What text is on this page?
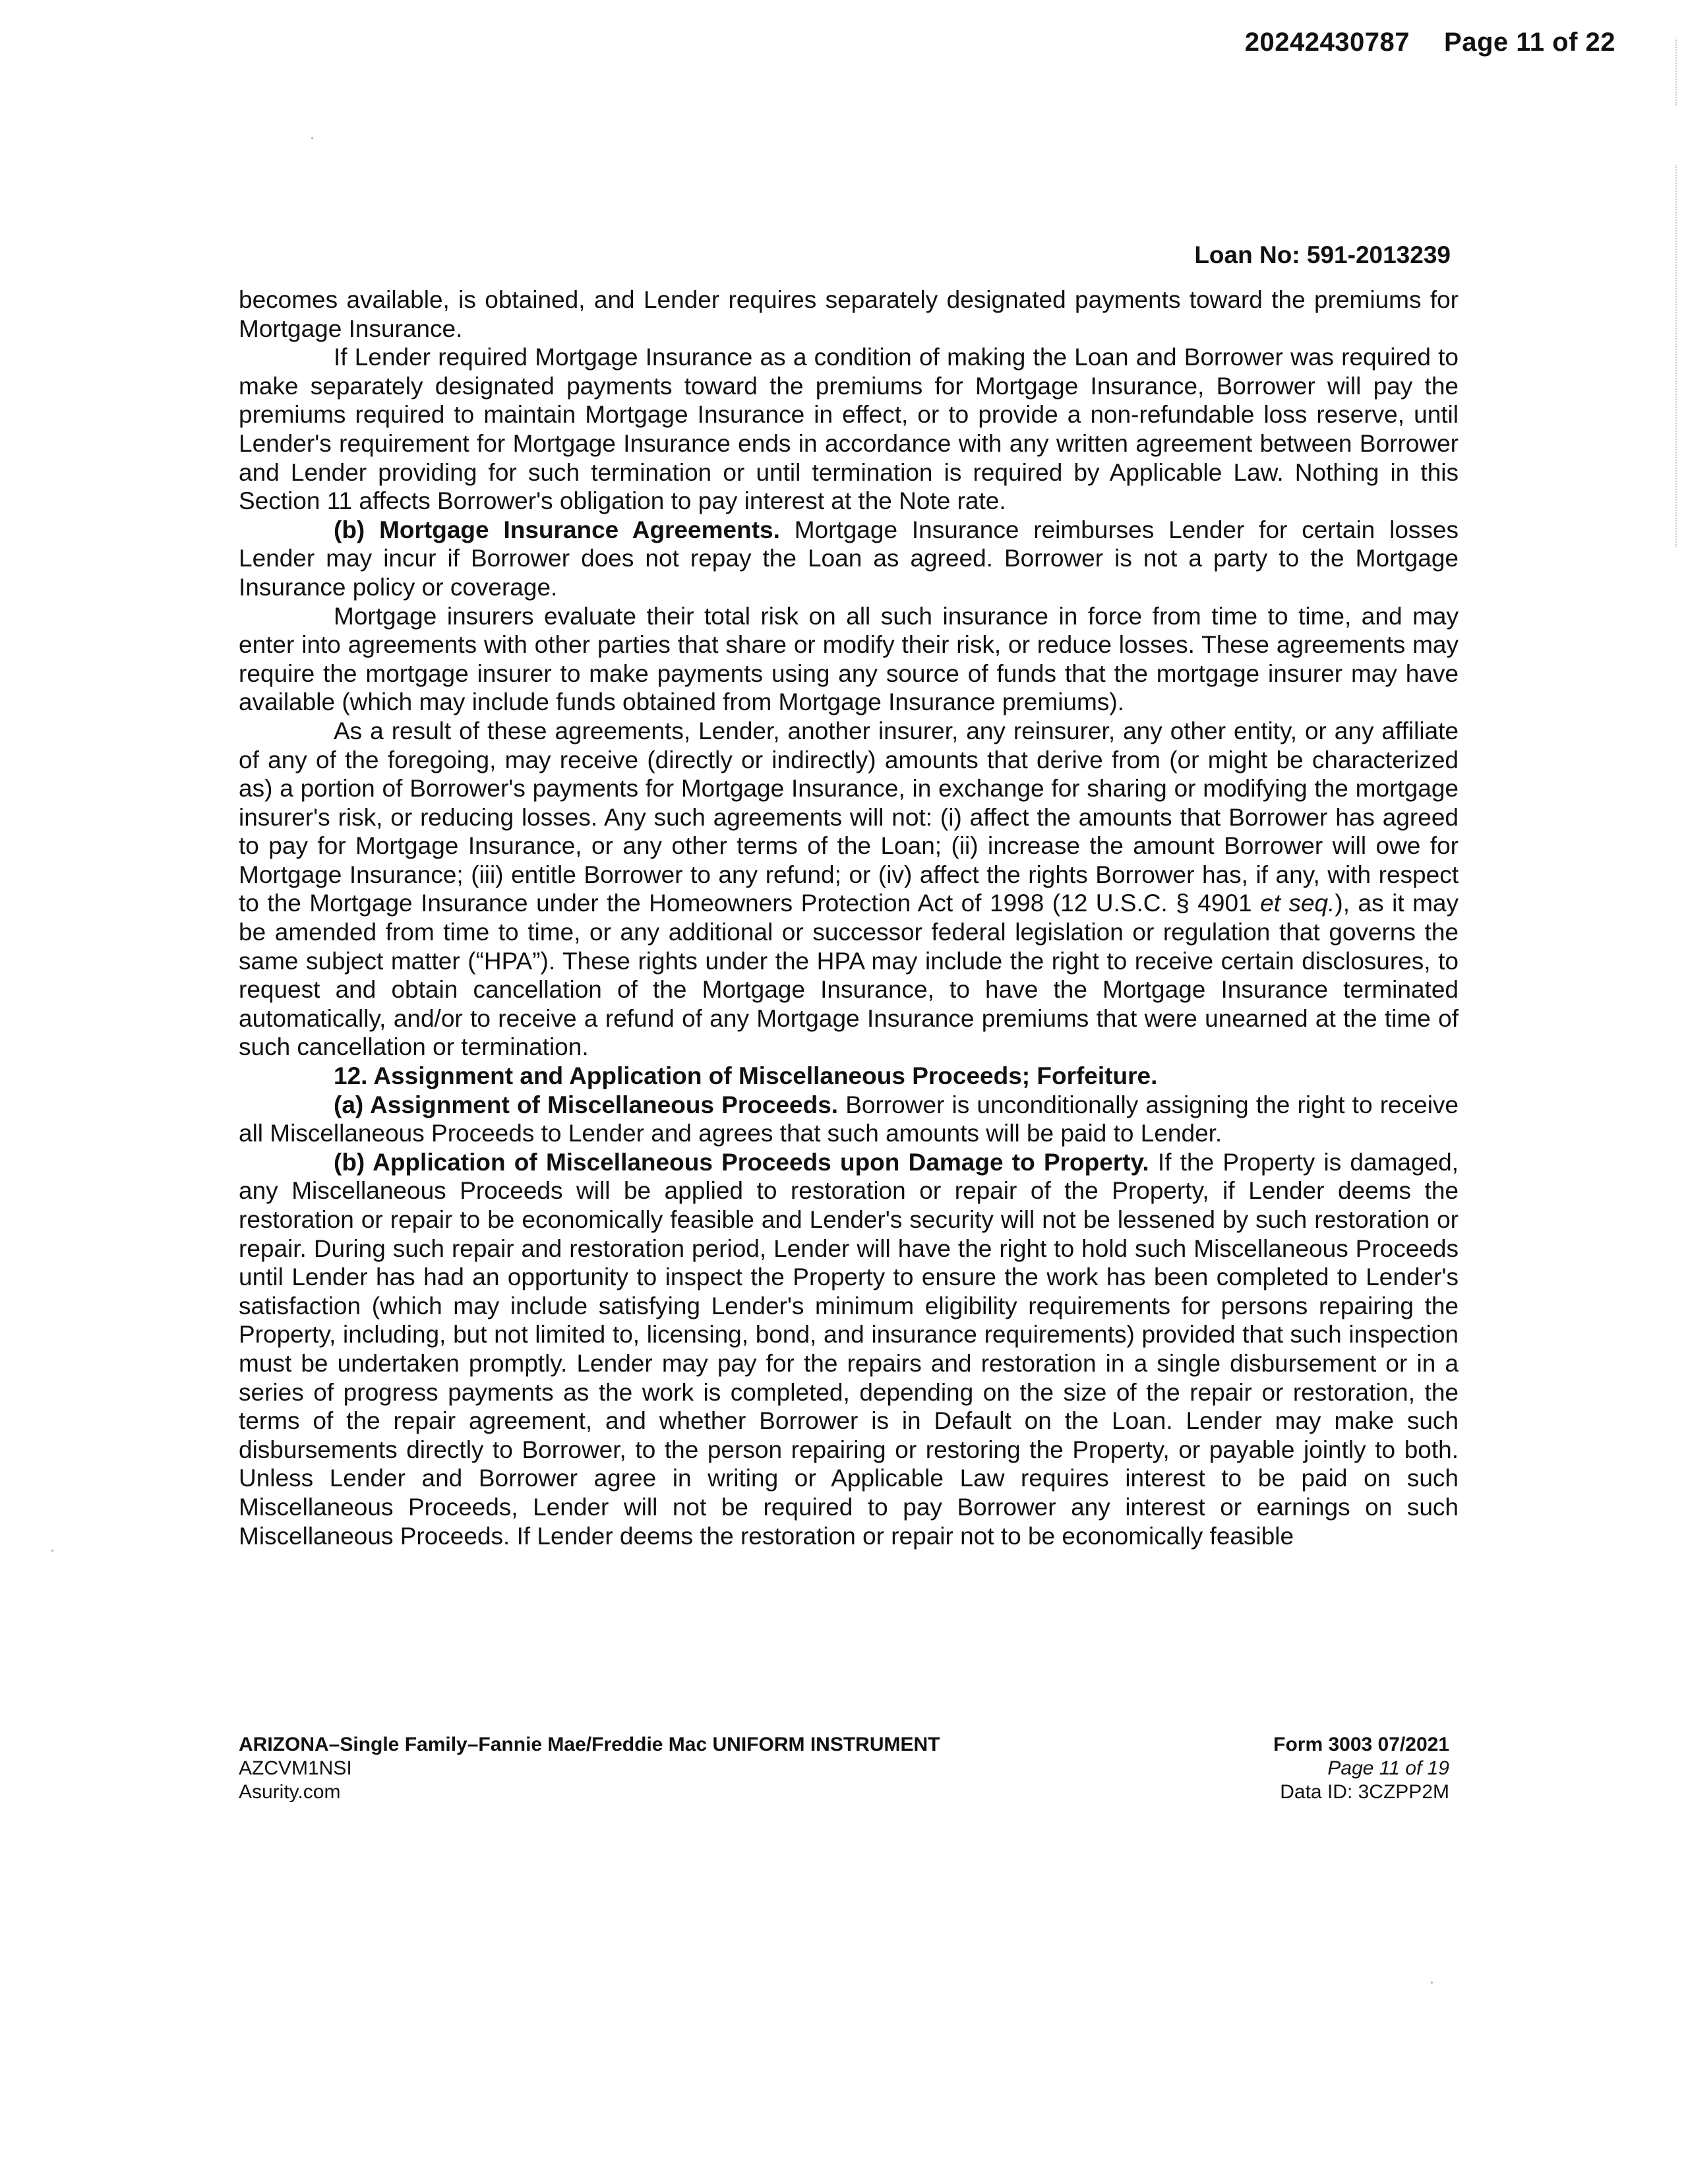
20242430787 Page 11 of 22
Loan No: 591-2013239

becomes available, is obtained, and Lender requires separately designated payments toward the premiums for Mortgage Insurance.

If Lender required Mortgage Insurance as a condition of making the Loan and Borrower was required to make separately designated payments toward the premiums for Mortgage Insurance, Borrower will pay the premiums required to maintain Mortgage Insurance in effect, or to provide a non-refundable loss reserve, until Lender's requirement for Mortgage Insurance ends in accordance with any written agreement between Borrower and Lender providing for such termination or until termination is required by Applicable Law. Nothing in this Section 11 affects Borrower's obligation to pay interest at the Note rate.

(b) Mortgage Insurance Agreements. Mortgage Insurance reimburses Lender for certain losses Lender may incur if Borrower does not repay the Loan as agreed. Borrower is not a party to the Mortgage Insurance policy or coverage.

Mortgage insurers evaluate their total risk on all such insurance in force from time to time, and may enter into agreements with other parties that share or modify their risk, or reduce losses. These agreements may require the mortgage insurer to make payments using any source of funds that the mortgage insurer may have available (which may include funds obtained from Mortgage Insurance premiums).

As a result of these agreements, Lender, another insurer, any reinsurer, any other entity, or any affiliate of any of the foregoing, may receive (directly or indirectly) amounts that derive from (or might be characterized as) a portion of Borrower's payments for Mortgage Insurance, in exchange for sharing or modifying the mortgage insurer's risk, or reducing losses. Any such agreements will not: (i) affect the amounts that Borrower has agreed to pay for Mortgage Insurance, or any other terms of the Loan; (ii) increase the amount Borrower will owe for Mortgage Insurance; (iii) entitle Borrower to any refund; or (iv) affect the rights Borrower has, if any, with respect to the Mortgage Insurance under the Homeowners Protection Act of 1998 (12 U.S.C. § 4901 et seq.), as it may be amended from time to time, or any additional or successor federal legislation or regulation that governs the same subject matter (“HPA”). These rights under the HPA may include the right to receive certain disclosures, to request and obtain cancellation of the Mortgage Insurance, to have the Mortgage Insurance terminated automatically, and/or to receive a refund of any Mortgage Insurance premiums that were unearned at the time of such cancellation or termination.

12. Assignment and Application of Miscellaneous Proceeds; Forfeiture.

(a) Assignment of Miscellaneous Proceeds. Borrower is unconditionally assigning the right to receive all Miscellaneous Proceeds to Lender and agrees that such amounts will be paid to Lender.

(b) Application of Miscellaneous Proceeds upon Damage to Property. If the Property is damaged, any Miscellaneous Proceeds will be applied to restoration or repair of the Property, if Lender deems the restoration or repair to be economically feasible and Lender's security will not be lessened by such restoration or repair. During such repair and restoration period, Lender will have the right to hold such Miscellaneous Proceeds until Lender has had an opportunity to inspect the Property to ensure the work has been completed to Lender's satisfaction (which may include satisfying Lender's minimum eligibility requirements for persons repairing the Property, including, but not limited to, licensing, bond, and insurance requirements) provided that such inspection must be undertaken promptly. Lender may pay for the repairs and restoration in a single disbursement or in a series of progress payments as the work is completed, depending on the size of the repair or restoration, the terms of the repair agreement, and whether Borrower is in Default on the Loan. Lender may make such disbursements directly to Borrower, to the person repairing or restoring the Property, or payable jointly to both. Unless Lender and Borrower agree in writing or Applicable Law requires interest to be paid on such Miscellaneous Proceeds, Lender will not be required to pay Borrower any interest or earnings on such Miscellaneous Proceeds. If Lender deems the restoration or repair not to be economically feasible

ARIZONA–Single Family–Fannie Mae/Freddie Mac UNIFORM INSTRUMENT
AZCVM1NSI
Asurity.com
Form 3003 07/2021
Page 11 of 19
Data ID: 3CZPP2M
